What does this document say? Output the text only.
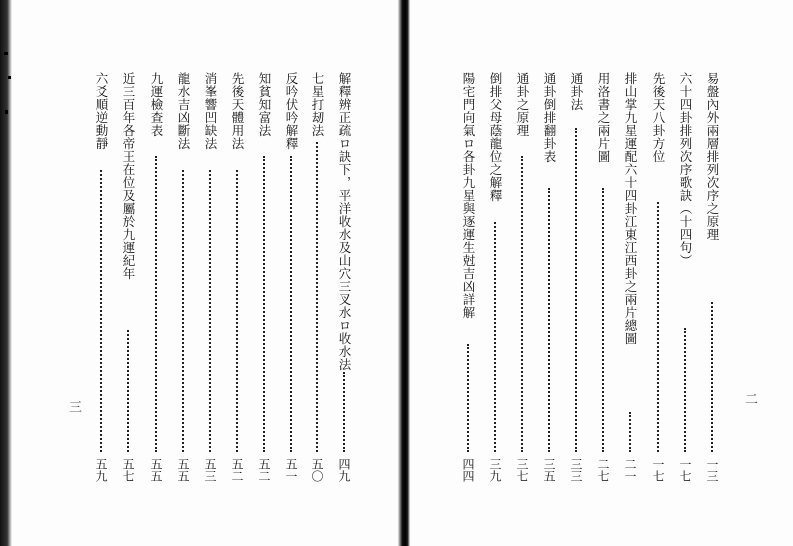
解釋辨正疏ロ訣下，平洋收水及山穴三叉水ロ收水法
四九
七星打刼法
五〇
反吟伏吟解釋
五一
知貧知富法
五二
先後天體用法
五二
消峯響凹缺法
五三
龍水吉凶斷法
五五
九運檢查表
五五
近三百年各帝王在位及屬於九運紀年
五七
六爻順逆動靜
五九
三
易盤內外兩層排列次序之原理
一三
六十四卦排列次序歌訣（十四句）
一七
先後天八卦方位
一七
排山掌九星運配六十四卦江東江西卦之兩片總圖
二一
用洛書之兩片圖
二七
通卦法
三三
通卦倒排翻卦表
三五
通卦之原理
三七
倒排父母蔭龍位之解釋
三九
陽宅門向氣ロ各卦九星與逐運生尅吉凶詳解
四四
二
